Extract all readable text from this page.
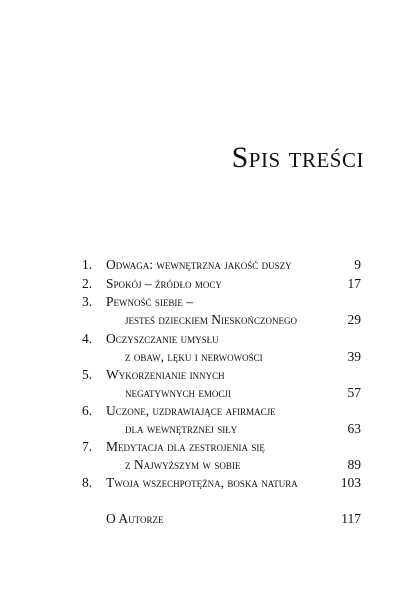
Spis treści
1. Odwaga: wewnętrzna jakość duszy	9
2. Spokój – źródło mocy	17
3. Pewność siebie –
jesteś dzieckiem Nieskończonego	29
4. Oczyszczanie umysłu
z obaw, lęku i nerwowości	39
5. Wykorzenianie innych
negatywnych emocji	57
6. Uczone, uzdrawiające afirmacje
dla wewnętrznej siły	63
7. Medytacja dla zestrojenia się
z Najwyższym w sobie	89
8. Twoja wszechpotężna, boska natura	103
O Autorze	117
